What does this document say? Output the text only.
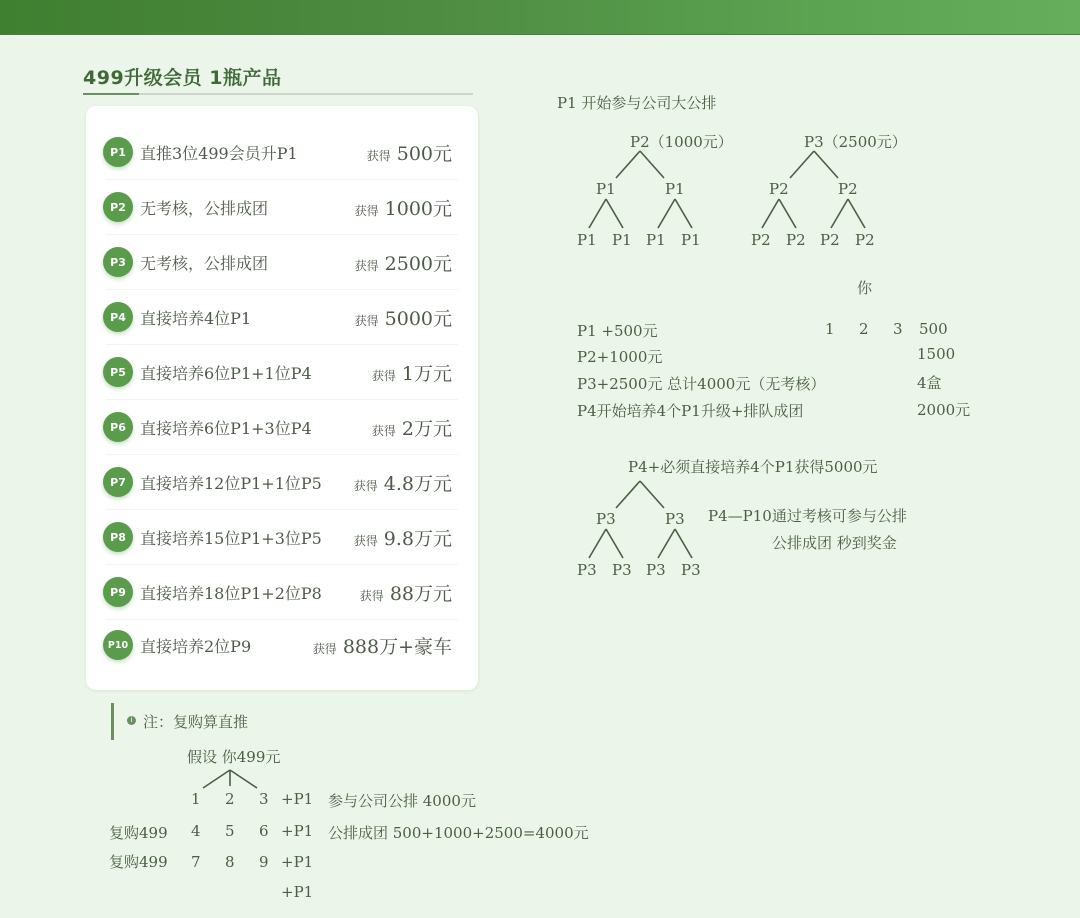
499升级会员 1瓶产品
P1 直推3位499会员升P1	获得 500元
P2 无考核，公排成团	获得 1000元
P3 无考核，公排成团	获得 2500元
P4 直接培养4位P1	获得 5000元
P5 直接培养6位P1+1位P4	获得 1万元
P6 直接培养6位P1+3位P4	获得 2万元
P7 直接培养12位P1+1位P5	获得 4.8万元
P8 直接培养15位P1+3位P5	获得 9.8万元
P9 直接培养18位P1+2位P8	获得 88万元
P10 直接培养2位P9	获得 888万+豪车
i 注：复购算直推
假设 你499元
1 2 3 +P1 参与公司公排 4000元
复购499 4 5 6 +P1 公排成团 500+1000+2500=4000元
复购499 7 8 9 +P1
+P1
P1 开始参与公司大公排
P2（1000元）
P1	P1
P1 P1 P1 P1
P3（2500元）
P2	P2
P2 P2 P2 P2
你
P1 +500元	1 2 3 500
P2+1000元	1500
P3+2500元 总计4000元（无考核）	4盒
P4开始培养4个P1升级+排队成团	2000元
P4+必须直接培养4个P1获得5000元
P3	P3
P3 P3 P3 P3
P4—P10通过考核可参与公排
公排成团 秒到奖金
